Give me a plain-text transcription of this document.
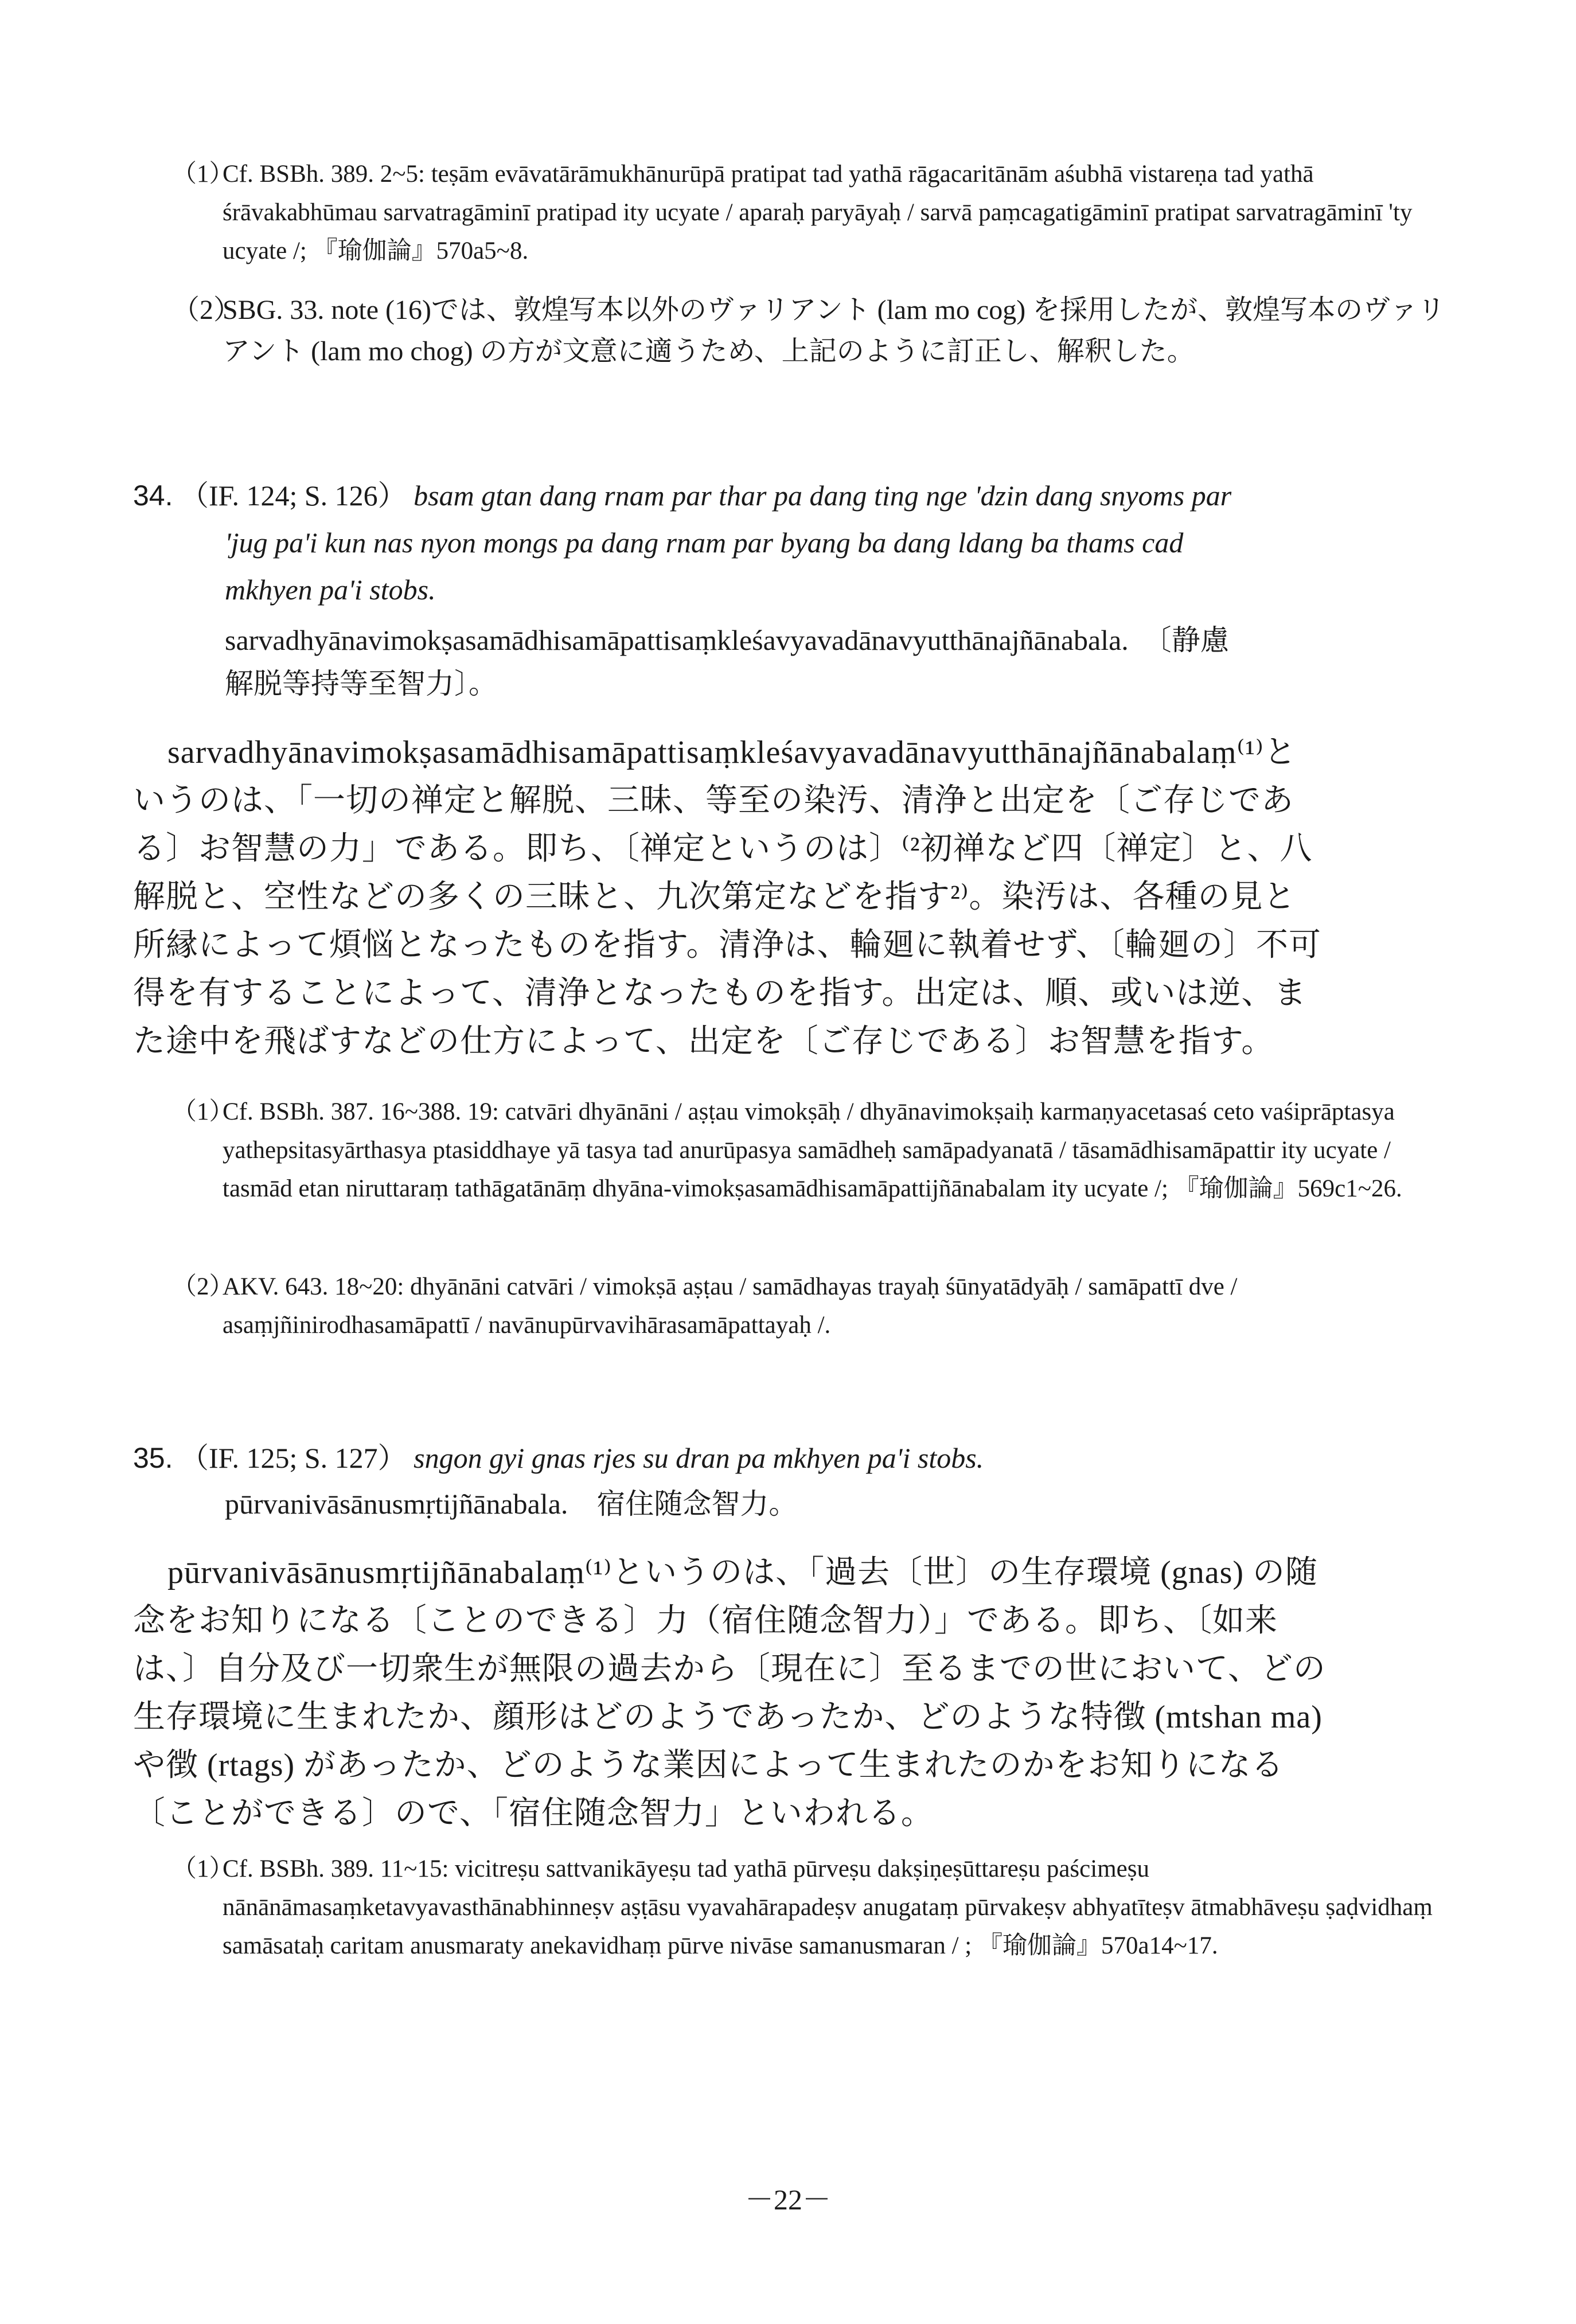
（1）Cf. BSBh. 389. 2~5: teṣām evāvatārāmukhānurūpā pratipat tad yathā rāgacaritānām aśubhā vistareṇa tad yathā śrāvakabhūmau sarvatragāminī pratipad ity ucyate / aparaḥ paryāyaḥ / sarvā paṃcagatigāminī pratipat sarvatragāminī 'ty ucyate /; 『瑜伽論』570a5~8.
（2）SBG. 33. note (16)では、敦煌写本以外のヴァリアント (lam mo cog) を採用したが、敦煌写本のヴァリアント (lam mo chog) の方が文意に適うため、上記のように訂正し、解釈した。
34. （IF. 124; S. 126） bsam gtan dang rnam par thar pa dang ting nge 'dzin dang snyoms par
'jug pa'i kun nas nyon mongs pa dang rnam par byang ba dang ldang ba thams cad
mkhyen pa'i stobs.
sarvadhyānavimokṣasamādhisamāpattisaṃkleśavyavadānavyutthānajñānabala.　〔静慮
解脱等持等至智力〕。
sarvadhyānavimokṣasamādhisamāpattisaṃkleśavyavadānavyutthānajñānabalaṃ⁽¹⁾というのは、「一切の禅定と解脱、三昧、等至の染汚、清浄と出定を〔ご存じである〕お智慧の力」である。即ち、〔禅定というのは〕⁽²初禅など四〔禅定〕と、八解脱と、空性などの多くの三昧と、九次第定などを指す²⁾。染汚は、各種の見と所縁によって煩悩となったものを指す。清浄は、輪廻に執着せず、〔輪廻の〕不可得を有することによって、清浄となったものを指す。出定は、順、或いは逆、また途中を飛ばすなどの仕方によって、出定を〔ご存じである〕お智慧を指す。
（1）Cf. BSBh. 387. 16~388. 19: catvāri dhyānāni / aṣṭau vimokṣāḥ / dhyānavimokṣaiḥ karmaṇyacetasaś ceto vaśiprāptasya yathepsitasyārthasya ptasiddhaye yā tasya tad anurūpasya samādheḥ samāpadyanatā / tāsamādhisamāpattir ity ucyate / tasmād etan niruttaraṃ tathāgatānāṃ dhyāna-vimokṣasamādhisamāpattijñānabalam ity ucyate /; 『瑜伽論』569c1~26.
（2）AKV. 643. 18~20: dhyānāni catvāri / vimokṣā aṣṭau / samādhayas trayaḥ śūnyatādyāḥ / samāpattī dve / asaṃjñinirodhasamāpattī / navānupūrvavihārasamāpattayaḥ /.
35. （IF. 125; S. 127） sngon gyi gnas rjes su dran pa mkhyen pa'i stobs.
pūrvanivāsānusmṛtijñānabala.　宿住随念智力。
pūrvanivāsānusmṛtijñānabalaṃ⁽¹⁾というのは、「過去〔世〕の生存環境 (gnas) の随念をお知りになる〔ことのできる〕力（宿住随念智力）」である。即ち、〔如来は、〕自分及び一切衆生が無限の過去から〔現在に〕至るまでの世において、どの生存環境に生まれたか、顔形はどのようであったか、どのような特徴 (mtshan ma) や徴 (rtags) があったか、どのような業因によって生まれたのかをお知りになる〔ことができる〕ので、「宿住随念智力」といわれる。
（1）Cf. BSBh. 389. 11~15: vicitreṣu sattvanikāyeṣu tad yathā pūrveṣu dakṣiṇeṣūttareṣu paścimeṣu nānānāmasaṃketavyavasthānabhinneṣv aṣṭāsu vyavahārapadeṣv anugataṃ pūrvakeṣv abhyatīteṣv ātmabhāveṣu ṣaḍvidhaṃ samāsataḥ caritam anusmaraty anekavidhaṃ pūrve nivāse samanusmaran / ; 『瑜伽論』570a14~17.
－22－
